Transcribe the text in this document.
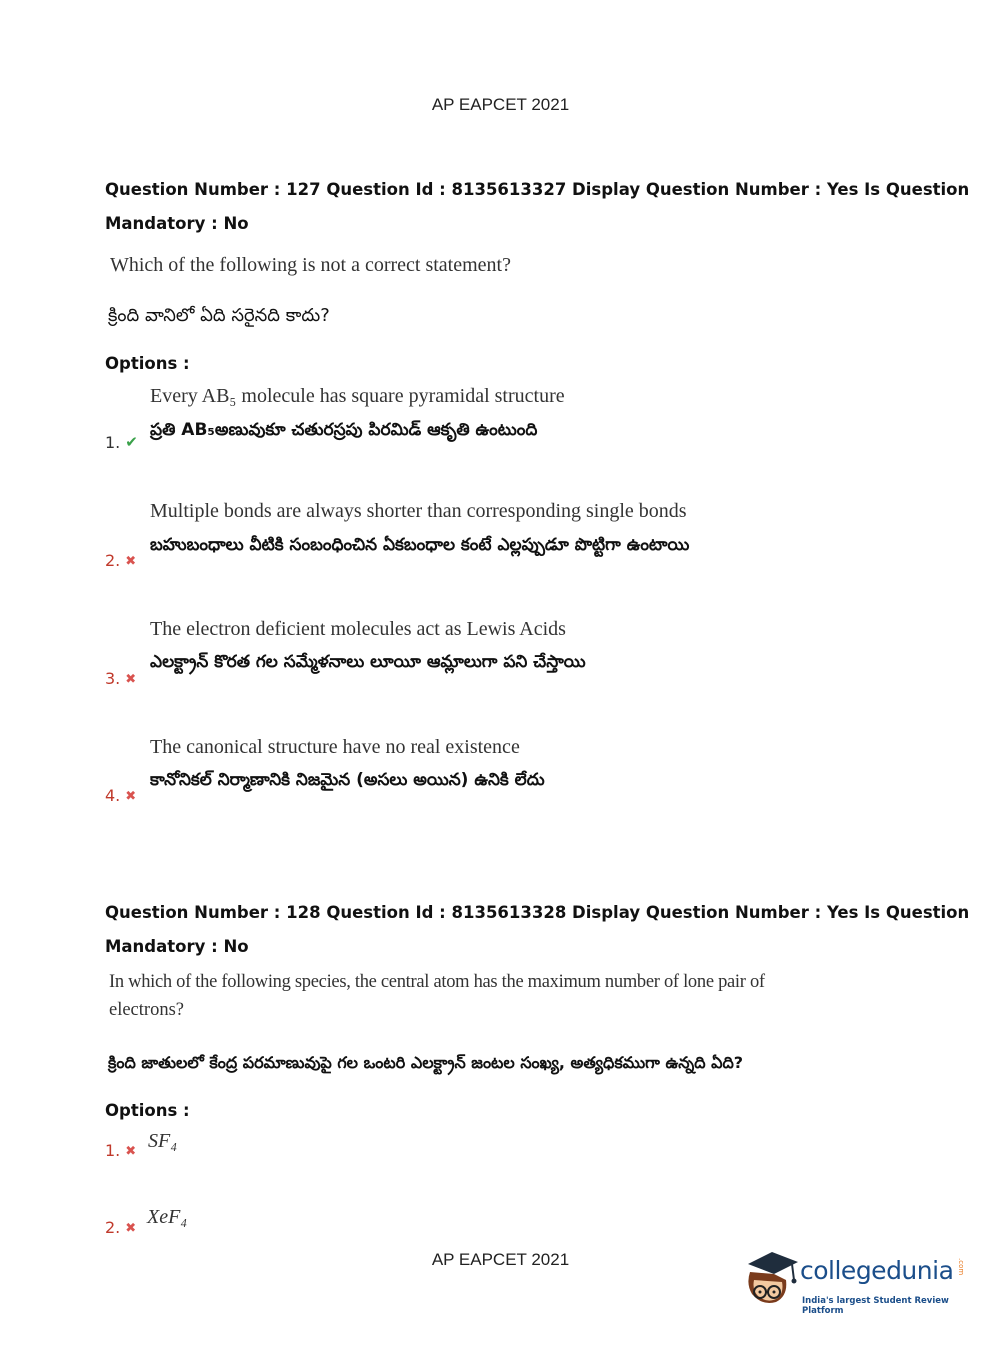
AP EAPCET 2021
Question Number : 127 Question Id : 8135613327 Display Question Number : Yes Is Question
Mandatory : No
Which of the following is not a correct statement?
క్రింది వానిలో ఏది సరైనది కాదు?
Options :
Every AB₅ molecule has square pyramidal structure
ప్రతి AB₅అణువుకూ చతురస్రపు పిరమిడ్ ఆకృతి ఉంటుంది
1. ✔
Multiple bonds are always shorter than corresponding single bonds
బహుబంధాలు వీటికి సంబంధించిన ఏకబంధాల కంటే ఎల్లప్పుడూ పొట్టిగా ఉంటాయి
2. ✖
The electron deficient molecules act as Lewis Acids
ఎలక్ట్రాన్ కొరత గల సమ్మేళనాలు లూయీ ఆమ్లాలుగా పని చేస్తాయి
3. ✖
The canonical structure have no real existence
కానోనికల్ నిర్మాణానికి నిజమైన (అసలు అయిన) ఉనికి లేదు
4. ✖
Question Number : 128 Question Id : 8135613328 Display Question Number : Yes Is Question
Mandatory : No
In which of the following species, the central atom has the maximum number of lone pair of
electrons?
క్రింది జాతులలో కేంద్ర పరమాణువుపై గల ఒంటరి ఎలక్ట్రాన్ జంటల సంఖ్య, అత్యధికముగా ఉన్నది ఏది?
Options :
1. ✖ SF₄
2. ✖
XeF₄
AP EAPCET 2021	collegedunia .com
India's largest Student Review Platform
